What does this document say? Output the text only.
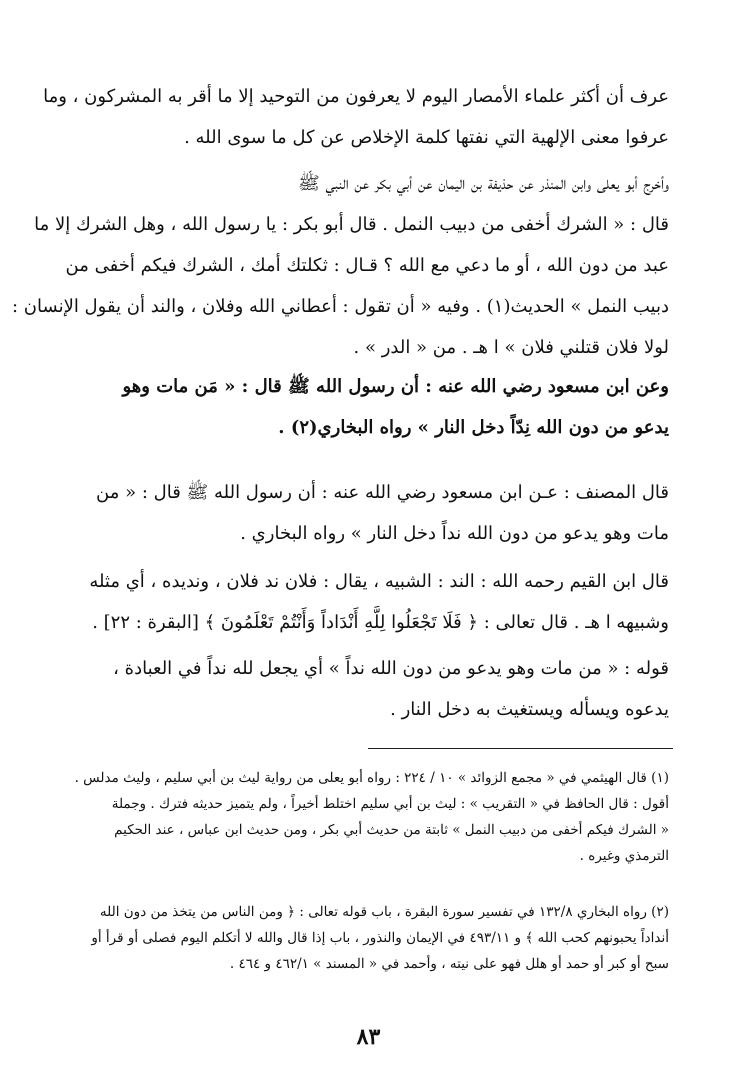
عرف أن أكثر علماء الأمصار اليوم لا يعرفون من التوحيد إلا ما أقر به المشركون ، وما
عرفوا معنى الإلهية التي نفتها كلمة الإخلاص عن كل ما سوى الله .
وأخرج أبو يعلى وابن المنذر عن حذيفة بن اليمان عن أبي بكر عن النبي ﷺ
قال : « الشرك أخفى من دبيب النمل . قال أبو بكر : يا رسول الله ، وهل الشرك إلا ما
عبد من دون الله ، أو ما دعي مع الله ؟ قـال : ثكلتك أمك ، الشرك فيكم أخفى من
دبيب النمل » الحديث(١) . وفيه « أن تقول : أعطاني الله وفلان ، والند أن يقول الإنسان :
لولا فلان قتلني فلان » ا هـ . من « الدر » .
وعن ابن مسعود رضي الله عنه : أن رسول الله ﷺ قال : « مَن مات وهو
يدعو من دون الله نِدّاً دخل النار » رواه البخاري(٢) .
قال المصنف : عـن ابن مسعود رضي الله عنه : أن رسول الله ﷺ قال : « من
مات وهو يدعو من دون الله نداً دخل النار » رواه البخاري .
قال ابن القيم رحمه الله : الند : الشبيه ، يقال : فلان ند فلان ، ونديده ، أي مثله
وشبيهه ا هـ . قال تعالى : ﴿ فَلَا تَجْعَلُوا لِلَّهِ أَنْدَاداً وَأَنْتُمْ تَعْلَمُونَ ﴾ [البقرة : ٢٢] .
قوله : « من مات وهو يدعو من دون الله نداً » أي يجعل لله نداً في العبادة ،
يدعوه ويسأله ويستغيث به دخل النار .
(١) قال الهيثمي في « مجمع الزوائد » ١٠ / ٢٢٤ : رواه أبو يعلى من رواية ليث بن أبي سليم ، وليث مدلس .
أقول : قال الحافظ في « التقريب » : ليث بن أبي سليم اختلط أخيراً ، ولم يتميز حديثه فترك . وجملة
« الشرك فيكم أخفى من دبيب النمل » ثابتة من حديث أبي بكر ، ومن حديث ابن عباس ، عند الحكيم
الترمذي وغيره .
(٢) رواه البخاري ١٣٢/٨ في تفسير سورة البقرة ، باب قوله تعالى : ﴿ ومن الناس من يتخذ من دون الله
أنداداً يحبونهم كحب الله ﴾ و ٤٩٣/١١ في الإيمان والنذور ، باب إذا قال والله لا أتكلم اليوم فصلى أو قرأ أو
سبح أو كبر أو حمد أو هلل فهو على نيته ، وأحمد في « المسند » ٤٦٢/١ و ٤٦٤ .
٨٣
